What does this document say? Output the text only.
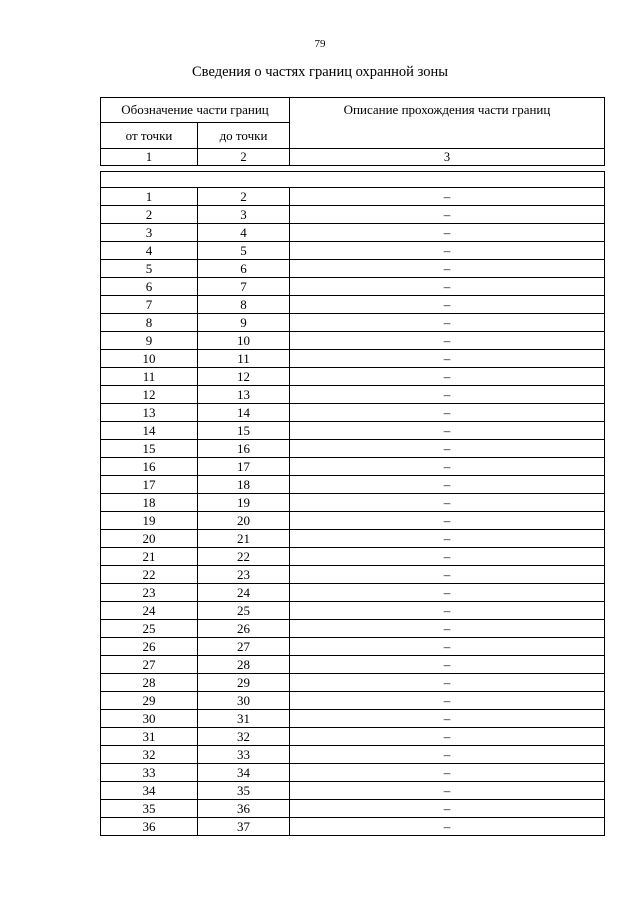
79
Сведения о частях границ охранной зоны
Обозначение части границ		Описание прохождения части границ
от точки	до точки	
1	2	3

1	2	–
2	3	–
3	4	–
4	5	–
5	6	–
6	7	–
7	8	–
8	9	–
9	10	–
10	11	–
11	12	–
12	13	–
13	14	–
14	15	–
15	16	–
16	17	–
17	18	–
18	19	–
19	20	–
20	21	–
21	22	–
22	23	–
23	24	–
24	25	–
25	26	–
26	27	–
27	28	–
28	29	–
29	30	–
30	31	–
31	32	–
32	33	–
33	34	–
34	35	–
35	36	–
36	37	–
